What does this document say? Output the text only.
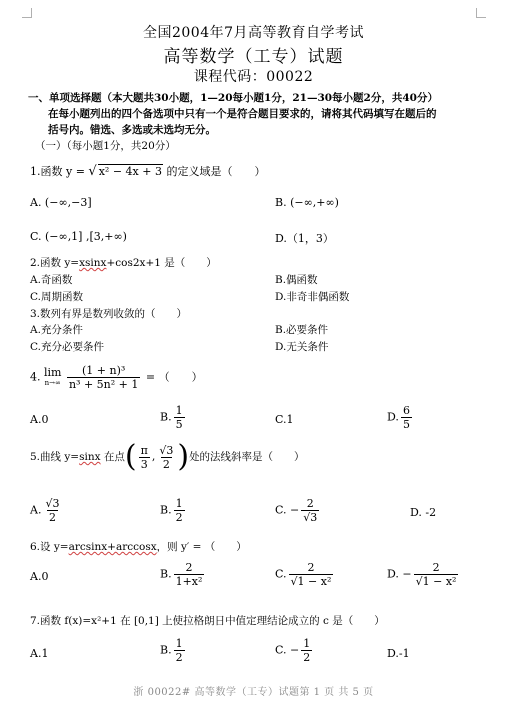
全国2004年7月高等教育自学考试
高等数学（工专）试题
课程代码：00022
一、单项选择题（本大题共30小题，1—20每小题1分，21—30每小题2分，共40分）
在每小题列出的四个备选项中只有一个是符合题目要求的，请将其代码填写在题后的
括号内。错选、多选或未选均无分。
（一）（每小题1分，共20分）
1.函数 y = √ x² − 4x + 3 的定义域是（　　）
A. (−∞,−3]	B. (−∞,+∞)
C. (−∞,1] ,[3,+∞)	D.（1，3）
2.函数 y=xsinx+cos2x+1 是（　　）
A.奇函数	B.偶函数
C.周期函数	D.非奇非偶函数
3.数列有界是数列收敛的（　　）
A.充分条件	B.必要条件
C.充分必要条件	D.无关条件
4. lim
n→∞
$\frac{\text{(1 + n)³}}{\text{n³ + 5n² + 1}}$ = （　　）
A.0	B. $\frac{1}{5}$	C.1	D. $\frac{6}{5}$
5.曲线 y=sinx 在点( $\frac{\pi}{3}$ , $\frac{√3}{2}$ )处的法线斜率是（　　）
A. $\frac{√3}{2}$	B. $\frac{1}{2}$	C. − $\frac{2}{√3}$	D. -2
6.设 y=arcsinx+arccosx，则 y′ = （　　）
A.0	B. $\frac{2}{\text{1+x²}}$	C. $\frac{2}{\text{√1 − x²}}$	D. − $\frac{2}{\text{√1 − x²}}$
7.函数 f(x)=x²+1 在 [0,1] 上使拉格朗日中值定理结论成立的 c 是（　　）
A.1	B. $\frac{1}{2}$	C. − $\frac{1}{2}$	D.-1
浙 00022# 高等数学（工专）试题第 1 页 共 5 页
